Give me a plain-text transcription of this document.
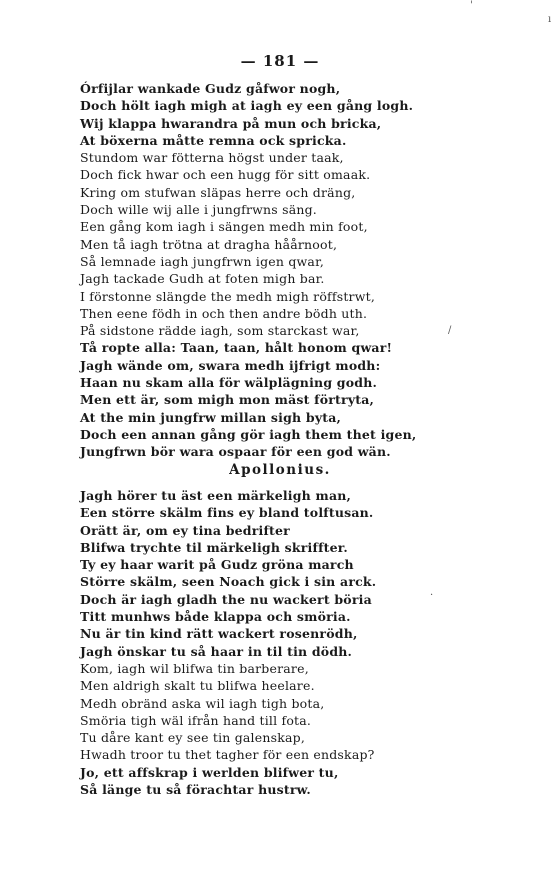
— 181 —
Órfijlar wankade Gudz gåfwor nogh,
Doch hölt iagh migh at iagh ey een gång logh.
Wij klappa hwarandra på mun och bricka,
At böxerna måtte remna ock spricka.
Stundom war fötterna högst under taak,
Doch fick hwar och een hugg för sitt omaak.
Kring om stufwan släpas herre och dräng,
Doch wille wij alle i jungfrwns säng.
Een gång kom iagh i sängen medh min foot,
Men tå iagh trötna at dragha håårnoot,
Så lemnade iagh jungfrwn igen qwar,
Jagh tackade Gudh at foten migh bar.
I förstonne slängde the medh migh röffstrwt,
Then eene födh in och then andre bödh uth.
På sidstone rädde iagh, som starckast war,
Tå ropte alla: Taan, taan, hålt honom qwar!
Jagh wände om, swara medh ijfrigt modh:
Haan nu skam alla för wälplägning godh.
Men ett är, som migh mon mäst förtryta,
At the min jungfrw millan sigh byta,
Doch een annan gång gör iagh them thet igen,
Jungfrwn bör wara ospaar för een god wän.
Apollonius.
Jagh hörer tu äst een märkeligh man,
Een större skälm fins ey bland tolftusan.
Orätt är, om ey tina bedrifter
Blifwa trychte til märkeligh skriffter.
Ty ey haar warit på Gudz gröna march
Större skälm, seen Noach gick i sin arck.
Doch är iagh gladh the nu wackert böria
Titt munhws både klappa och smöria.
Nu är tin kind rätt wackert rosenrödh,
Jagh önskar tu så haar in til tin dödh.
Kom, iagh wil blifwa tin barberare,
Men aldrigh skalt tu blifwa heelare.
Medh obränd aska wil iagh tigh bota,
Smöria tigh wäl ifrån hand till fota.
Tu dåre kant ey see tin galenskap,
Hwadh troor tu thet tagher för een endskap?
Jo, ett affskrap i werlden blifwer tu,
Så länge tu så förachtar hustrw.
'
ı
/
·
